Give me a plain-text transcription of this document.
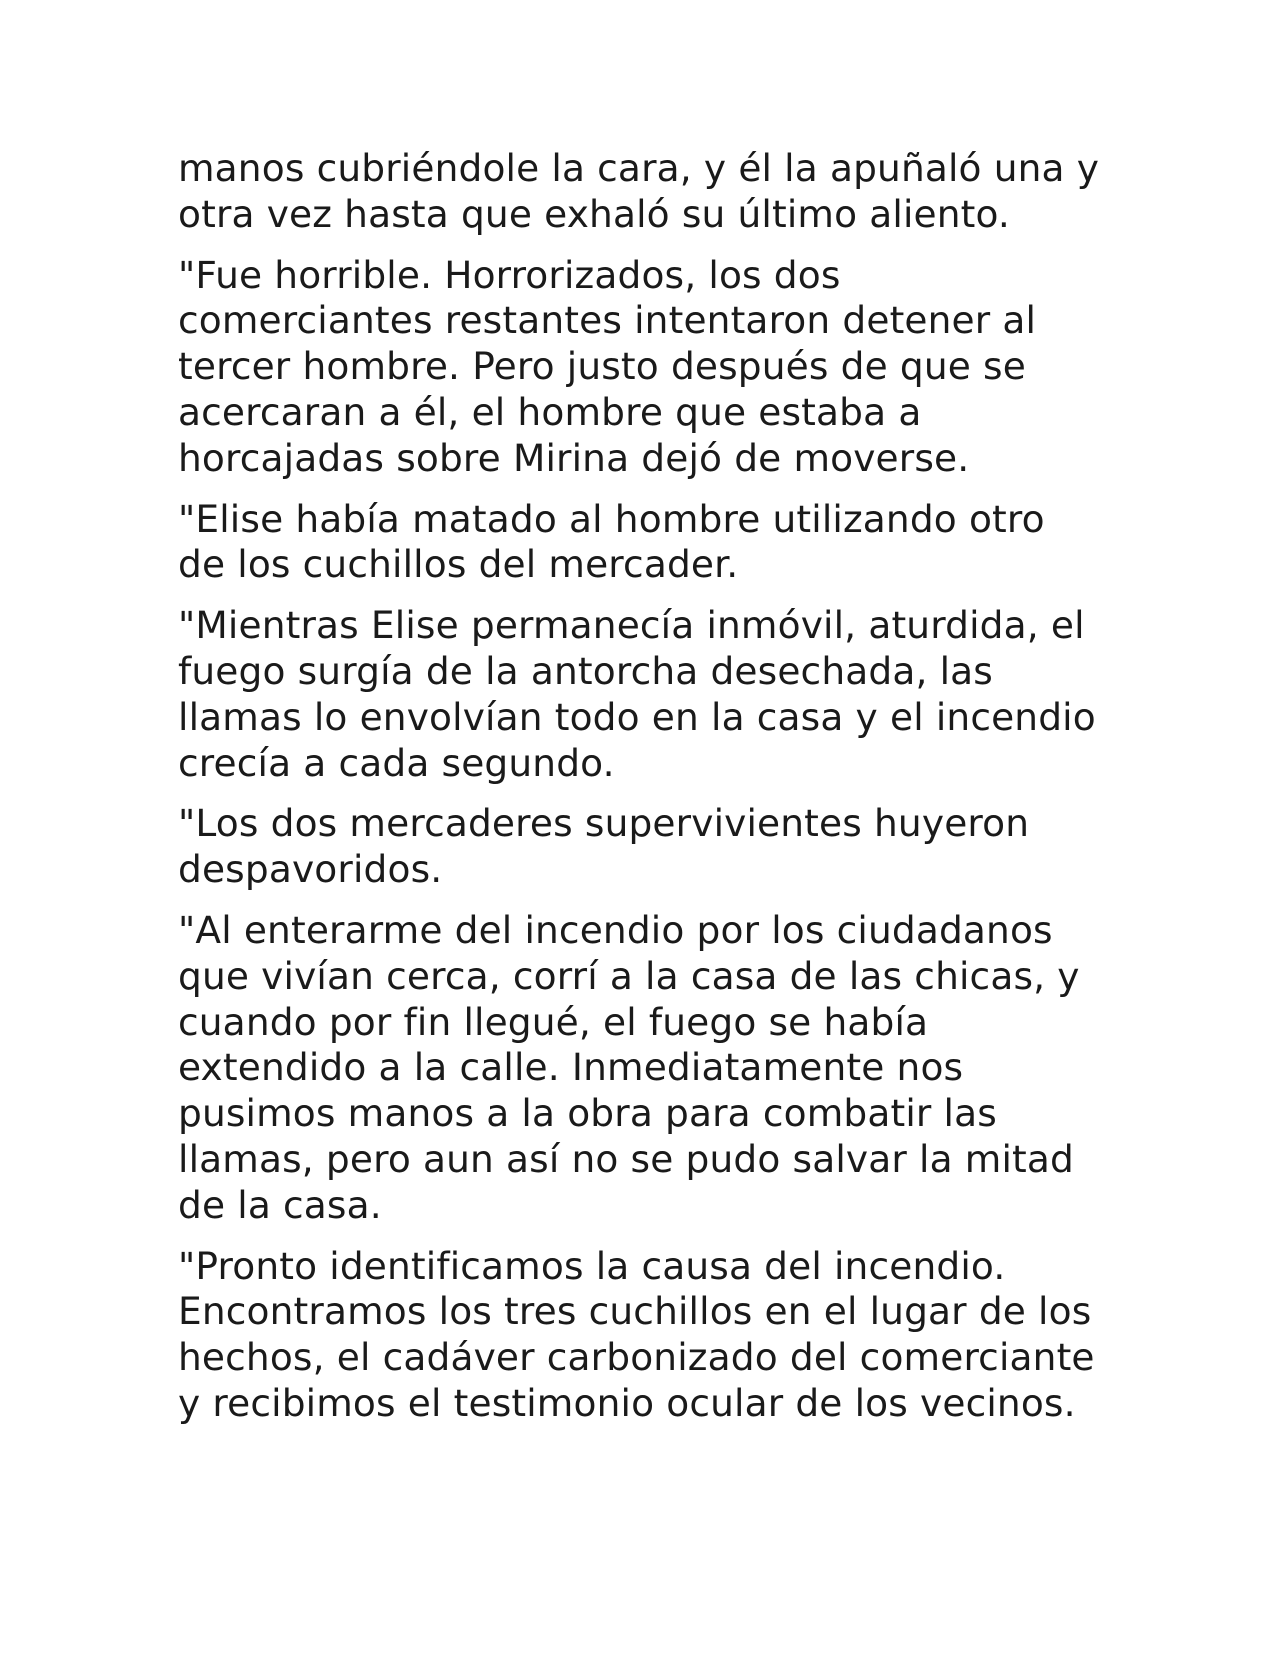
manos cubriéndole la cara, y él la apuñaló una y
otra vez hasta que exhaló su último aliento.

"Fue horrible. Horrorizados, los dos
comerciantes restantes intentaron detener al
tercer hombre. Pero justo después de que se
acercaran a él, el hombre que estaba a
horcajadas sobre Mirina dejó de moverse.

"Elise había matado al hombre utilizando otro
de los cuchillos del mercader.

"Mientras Elise permanecía inmóvil, aturdida, el
fuego surgía de la antorcha desechada, las
llamas lo envolvían todo en la casa y el incendio
crecía a cada segundo.

"Los dos mercaderes supervivientes huyeron
despavoridos.

"Al enterarme del incendio por los ciudadanos
que vivían cerca, corrí a la casa de las chicas, y
cuando por fin llegué, el fuego se había
extendido a la calle. Inmediatamente nos
pusimos manos a la obra para combatir las
llamas, pero aun así no se pudo salvar la mitad
de la casa.

"Pronto identificamos la causa del incendio.
Encontramos los tres cuchillos en el lugar de los
hechos, el cadáver carbonizado del comerciante
y recibimos el testimonio ocular de los vecinos.
